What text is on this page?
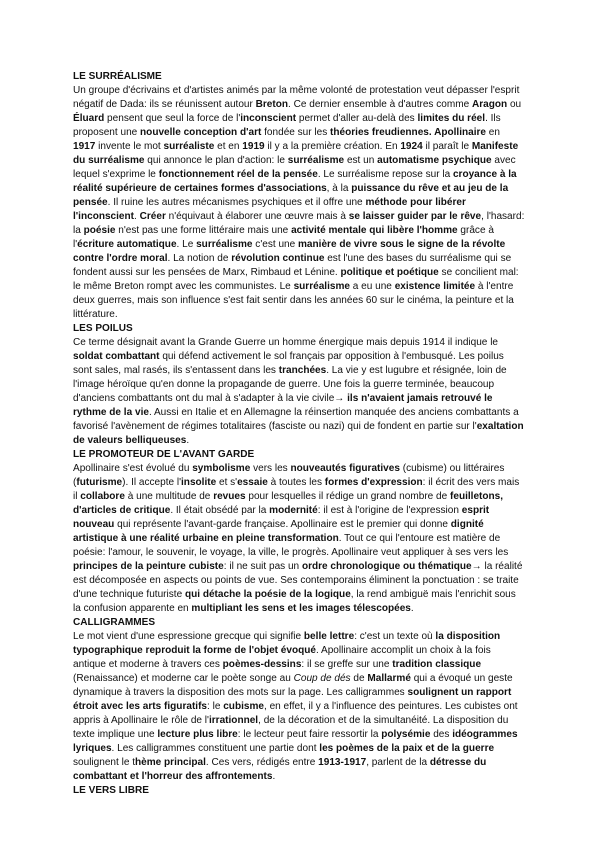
LE SURRÉALISME

Un groupe d'écrivains et d'artistes animés par la même volonté de protestation veut dépasser l'esprit négatif de Dada: ils se réunissent autour Breton. Ce dernier ensemble à d'autres comme Aragon ou Éluard pensent que seul la force de l'inconscient permet d'aller au-delà des limites du réel. Ils proposent une nouvelle conception d'art fondée sur les théories freudiennes. Apollinaire en 1917 invente le mot surréaliste et en 1919 il y a la première création. En 1924 il paraît le Manifeste du surréalisme qui annonce le plan d'action: le surréalisme est un automatisme psychique avec lequel s'exprime le fonctionnement réel de la pensée. Le surréalisme repose sur la croyance à la réalité supérieure de certaines formes d'associations, à la puissance du rêve et au jeu de la pensée. Il ruine les autres mécanismes psychiques et il offre une méthode pour libérer l'inconscient. Créer n'équivaut à élaborer une œuvre mais à se laisser guider par le rêve, l'hasard: la poésie n'est pas une forme littéraire mais une activité mentale qui libère l'homme grâce à l'écriture automatique. Le surréalisme c'est une manière de vivre sous le signe de la révolte contre l'ordre moral. La notion de révolution continue est l'une des bases du surréalisme qui se fondent aussi sur les pensées de Marx, Rimbaud et Lénine. politique et poétique se concilient mal: le même Breton rompt avec les communistes. Le surréalisme a eu une existence limitée à l'entre deux guerres, mais son influence s'est fait sentir dans les années 60 sur le cinéma, la peinture et la littérature.

LES POILUS

Ce terme désignait avant la Grande Guerre un homme énergique mais depuis 1914 il indique le soldat combattant qui défend activement le sol français par opposition à l'embusqué. Les poilus sont sales, mal rasés, ils s'entassent dans les tranchées. La vie y est lugubre et résignée, loin de l'image héroïque qu'en donne la propagande de guerre. Une fois la guerre terminée, beaucoup d'anciens combattants ont du mal à s'adapter à la vie civile→ ils n'avaient jamais retrouvé le rythme de la vie. Aussi en Italie et en Allemagne la réinsertion manquée des anciens combattants a favorisé l'avènement de régimes totalitaires (fasciste ou nazi) qui de fondent en partie sur l'exaltation de valeurs belliqueuses.

LE PROMOTEUR DE L'AVANT GARDE

Apollinaire s'est évolué du symbolisme vers les nouveautés figuratives (cubisme) ou littéraires (futurisme). Il accepte l'insolite et s'essaie à toutes les formes d'expression: il écrit des vers mais il collabore à une multitude de revues pour lesquelles il rédige un grand nombre de feuilletons, d'articles de critique. Il était obsédé par la modernité: il est à l'origine de l'expression esprit nouveau qui représente l'avant-garde française. Apollinaire est le premier qui donne dignité artistique à une réalité urbaine en pleine transformation. Tout ce qui l'entoure est matière de poésie: l'amour, le souvenir, le voyage, la ville, le progrès. Apollinaire veut appliquer à ses vers les principes de la peinture cubiste: il ne suit pas un ordre chronologique ou thématique→ la réalité est décomposée en aspects ou points de vue. Ses contemporains éliminent la ponctuation : se traite d'une technique futuriste qui détache la poésie de la logique, la rend ambiguë mais l'enrichit sous la confusion apparente en multipliant les sens et les images télescopées.

CALLIGRAMMES

Le mot vient d'une espressione grecque qui signifie belle lettre: c'est un texte où la disposition typographique reproduit la forme de l'objet évoqué. Apollinaire accomplit un choix à la fois antique et moderne à travers ces poèmes-dessins: il se greffe sur une tradition classique (Renaissance) et moderne car le poète songe au Coup de dés de Mallarmé qui a évoqué un geste dynamique à travers la disposition des mots sur la page. Les calligrammes soulignent un rapport étroit avec les arts figuratifs: le cubisme, en effet, il y a l'influence des peintures. Les cubistes ont appris à Apollinaire le rôle de l'irrationnel, de la décoration et de la simultanéité. La disposition du texte implique une lecture plus libre: le lecteur peut faire ressortir la polysémie des idéogrammes lyriques. Les calligrammes constituent une partie dont les poèmes de la paix et de la guerre soulignent le thème principal. Ces vers, rédigés entre 1913-1917, parlent de la détresse du combattant et l'horreur des affrontements.

LE VERS LIBRE
